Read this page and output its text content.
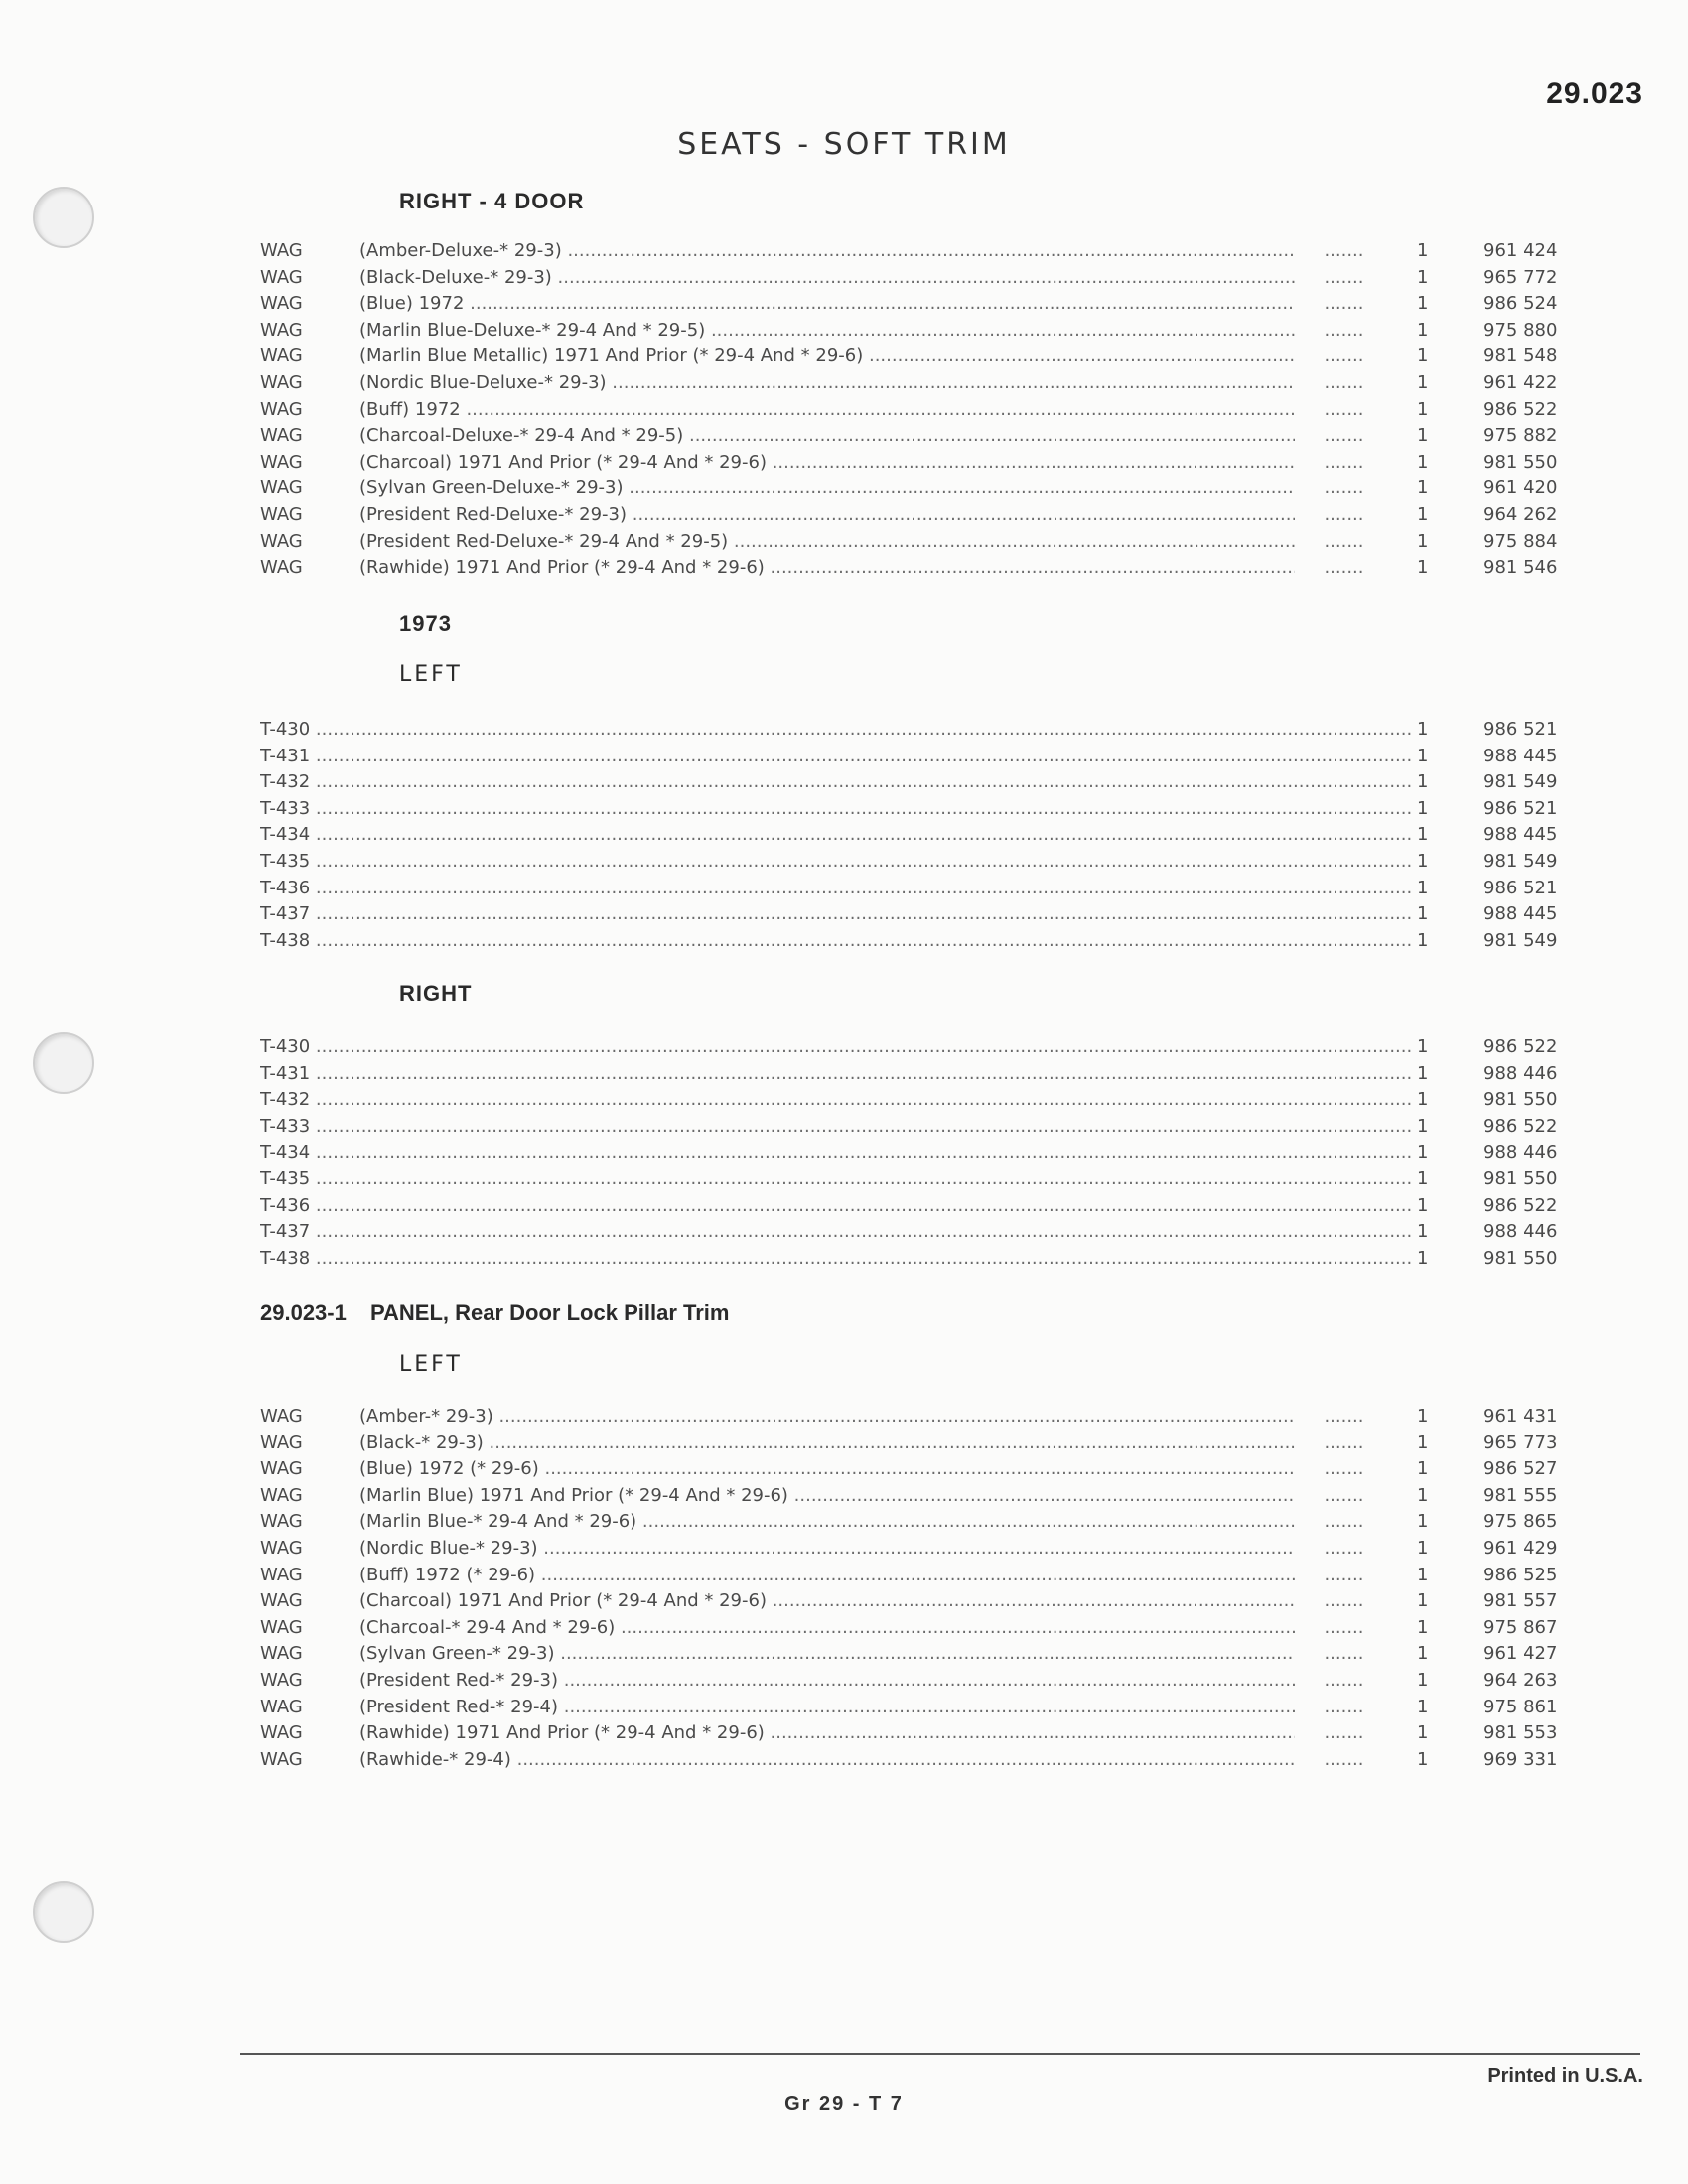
29.023
SEATS - SOFT TRIM
RIGHT - 4 DOOR
WAG	(Amber-Deluxe-* 29-3) .....	.......	1	961 424
WAG	(Black-Deluxe-* 29-3) .....	.......	1	965 772
WAG	(Blue) 1972 .....	.......	1	986 524
WAG	(Marlin Blue-Deluxe-* 29-4 And * 29-5) .....	.......	1	975 880
WAG	(Marlin Blue Metallic) 1971 And Prior (* 29-4 And * 29-6) .....	.......	1	981 548
WAG	(Nordic Blue-Deluxe-* 29-3) .....	.......	1	961 422
WAG	(Buff) 1972 .....	.......	1	986 522
WAG	(Charcoal-Deluxe-* 29-4 And * 29-5) .....	.......	1	975 882
WAG	(Charcoal) 1971 And Prior (* 29-4 And * 29-6) .....	.......	1	981 550
WAG	(Sylvan Green-Deluxe-* 29-3) .....	.......	1	961 420
WAG	(President Red-Deluxe-* 29-3) .....	.......	1	964 262
WAG	(President Red-Deluxe-* 29-4 And * 29-5) .....	.......	1	975 884
WAG	(Rawhide) 1971 And Prior (* 29-4 And * 29-6) .....	.......	1	981 546
1973
LEFT
T-430 .....	1	986 521
T-431 .....	1	988 445
T-432 .....	1	981 549
T-433 .....	1	986 521
T-434 .....	1	988 445
T-435 .....	1	981 549
T-436 .....	1	986 521
T-437 .....	1	988 445
T-438 .....	1	981 549
RIGHT
T-430 .....	1	986 522
T-431 .....	1	988 446
T-432 .....	1	981 550
T-433 .....	1	986 522
T-434 .....	1	988 446
T-435 .....	1	981 550
T-436 .....	1	986 522
T-437 .....	1	988 446
T-438 .....	1	981 550
29.023-1 PANEL, Rear Door Lock Pillar Trim
LEFT
WAG	(Amber-* 29-3) .....	.......	1	961 431
WAG	(Black-* 29-3) .....	.......	1	965 773
WAG	(Blue) 1972 (* 29-6) .....	.......	1	986 527
WAG	(Marlin Blue) 1971 And Prior (* 29-4 And * 29-6) .....	.......	1	981 555
WAG	(Marlin Blue-* 29-4 And * 29-6) .....	.......	1	975 865
WAG	(Nordic Blue-* 29-3) .....	.......	1	961 429
WAG	(Buff) 1972 (* 29-6) .....	.......	1	986 525
WAG	(Charcoal) 1971 And Prior (* 29-4 And * 29-6) .....	.......	1	981 557
WAG	(Charcoal-* 29-4 And * 29-6) .....	.......	1	975 867
WAG	(Sylvan Green-* 29-3) .....	.......	1	961 427
WAG	(President Red-* 29-3) .....	.......	1	964 263
WAG	(President Red-* 29-4) .....	.......	1	975 861
WAG	(Rawhide) 1971 And Prior (* 29-4 And * 29-6) .....	.......	1	981 553
WAG	(Rawhide-* 29-4) .....	.......	1	969 331
Printed in U.S.A.
Gr 29 - T 7
